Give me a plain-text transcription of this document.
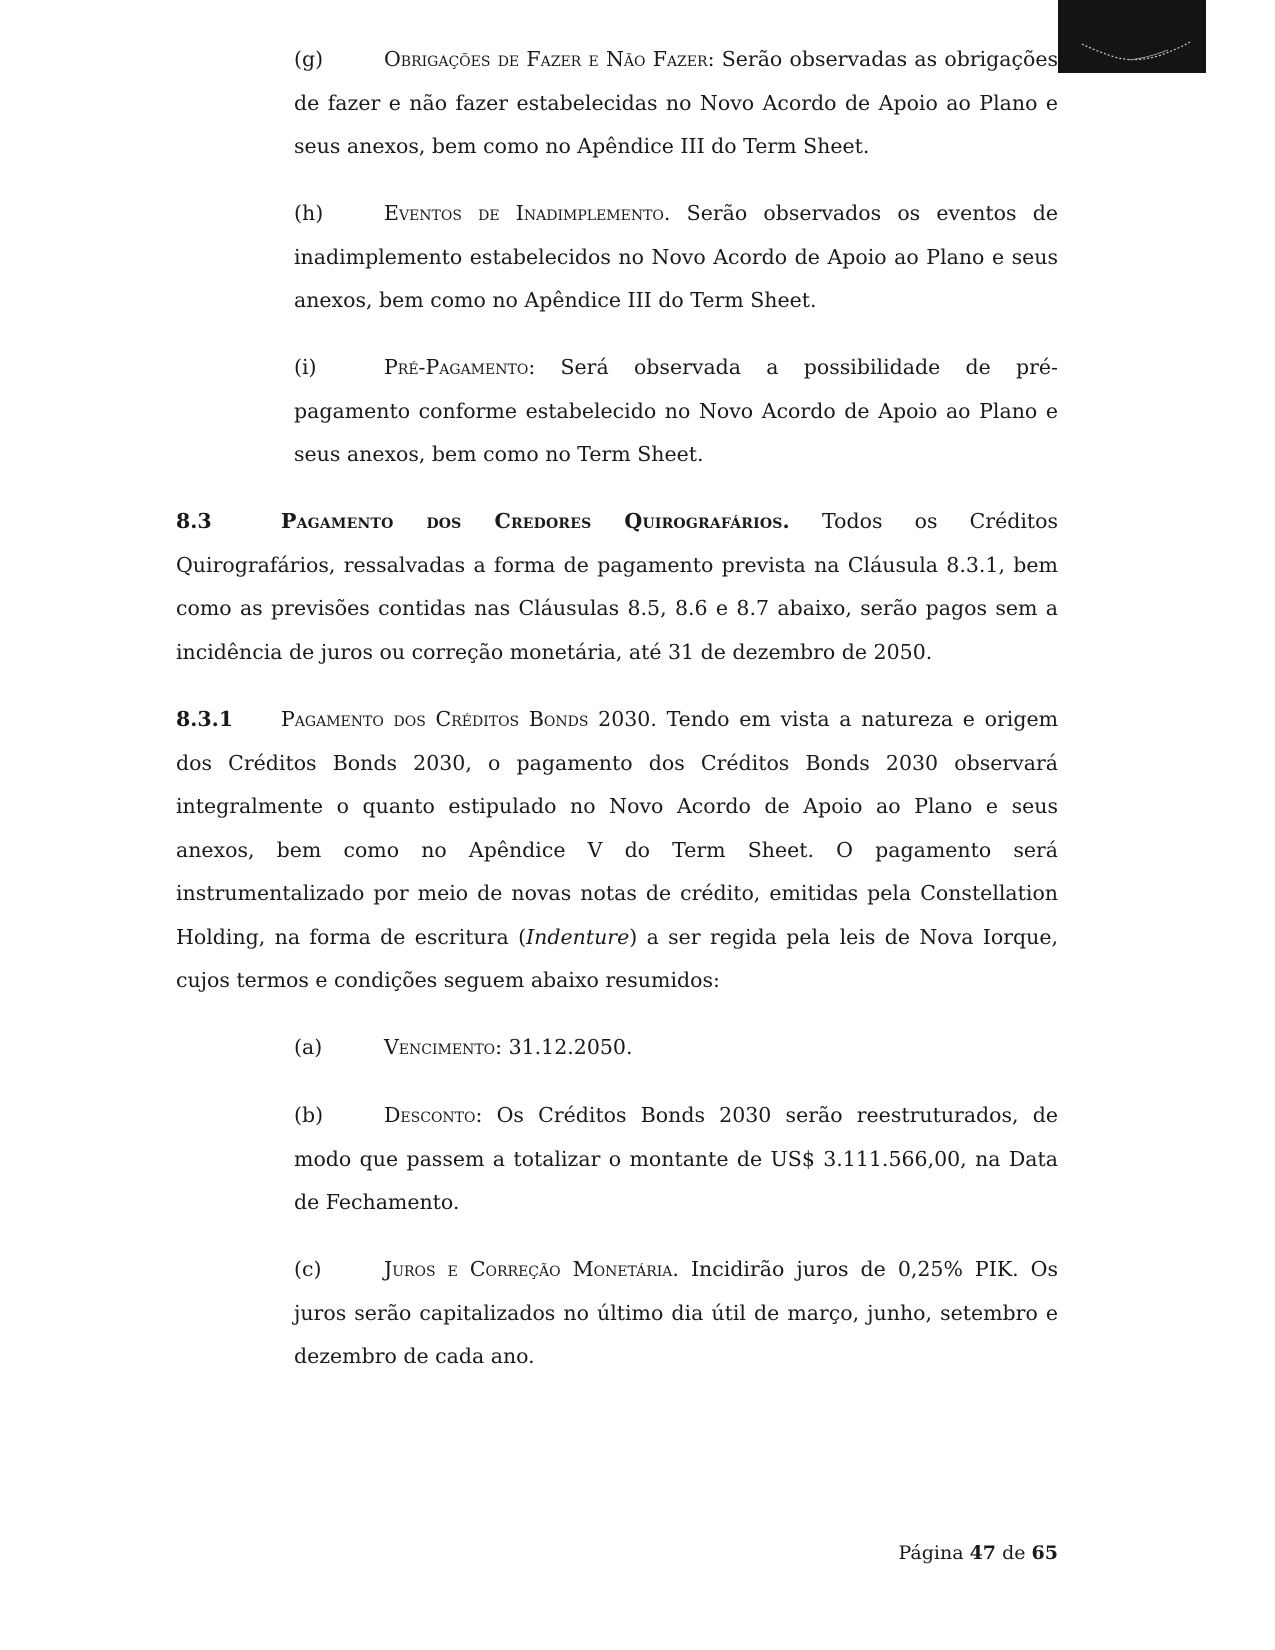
(g)	Obrigações de Fazer e Não Fazer: Serão observadas as obrigações de fazer e não fazer estabelecidas no Novo Acordo de Apoio ao Plano e seus anexos, bem como no Apêndice III do Term Sheet.

(h)	Eventos de Inadimplemento. Serão observados os eventos de inadimplemento estabelecidos no Novo Acordo de Apoio ao Plano e seus anexos, bem como no Apêndice III do Term Sheet.

(i)	Pré-Pagamento: Será observada a possibilidade de pré-pagamento conforme estabelecido no Novo Acordo de Apoio ao Plano e seus anexos, bem como no Term Sheet.

8.3	Pagamento dos Credores Quirografários. Todos os Créditos Quirografários, ressalvadas a forma de pagamento prevista na Cláusula 8.3.1, bem como as previsões contidas nas Cláusulas 8.5, 8.6 e 8.7 abaixo, serão pagos sem a incidência de juros ou correção monetária, até 31 de dezembro de 2050.

8.3.1 Pagamento dos Créditos Bonds 2030. Tendo em vista a natureza e origem dos Créditos Bonds 2030, o pagamento dos Créditos Bonds 2030 observará integralmente o quanto estipulado no Novo Acordo de Apoio ao Plano e seus anexos, bem como no Apêndice V do Term Sheet. O pagamento será instrumentalizado por meio de novas notas de crédito, emitidas pela Constellation Holding, na forma de escritura (Indenture) a ser regida pela leis de Nova Iorque, cujos termos e condições seguem abaixo resumidos:

(a)	Vencimento: 31.12.2050.

(b)	Desconto: Os Créditos Bonds 2030 serão reestruturados, de modo que passem a totalizar o montante de US$ 3.111.566,00, na Data de Fechamento.

(c)	Juros e Correção Monetária. Incidirão juros de 0,25% PIK. Os juros serão capitalizados no último dia útil de março, junho, setembro e dezembro de cada ano.

Página 47 de 65
